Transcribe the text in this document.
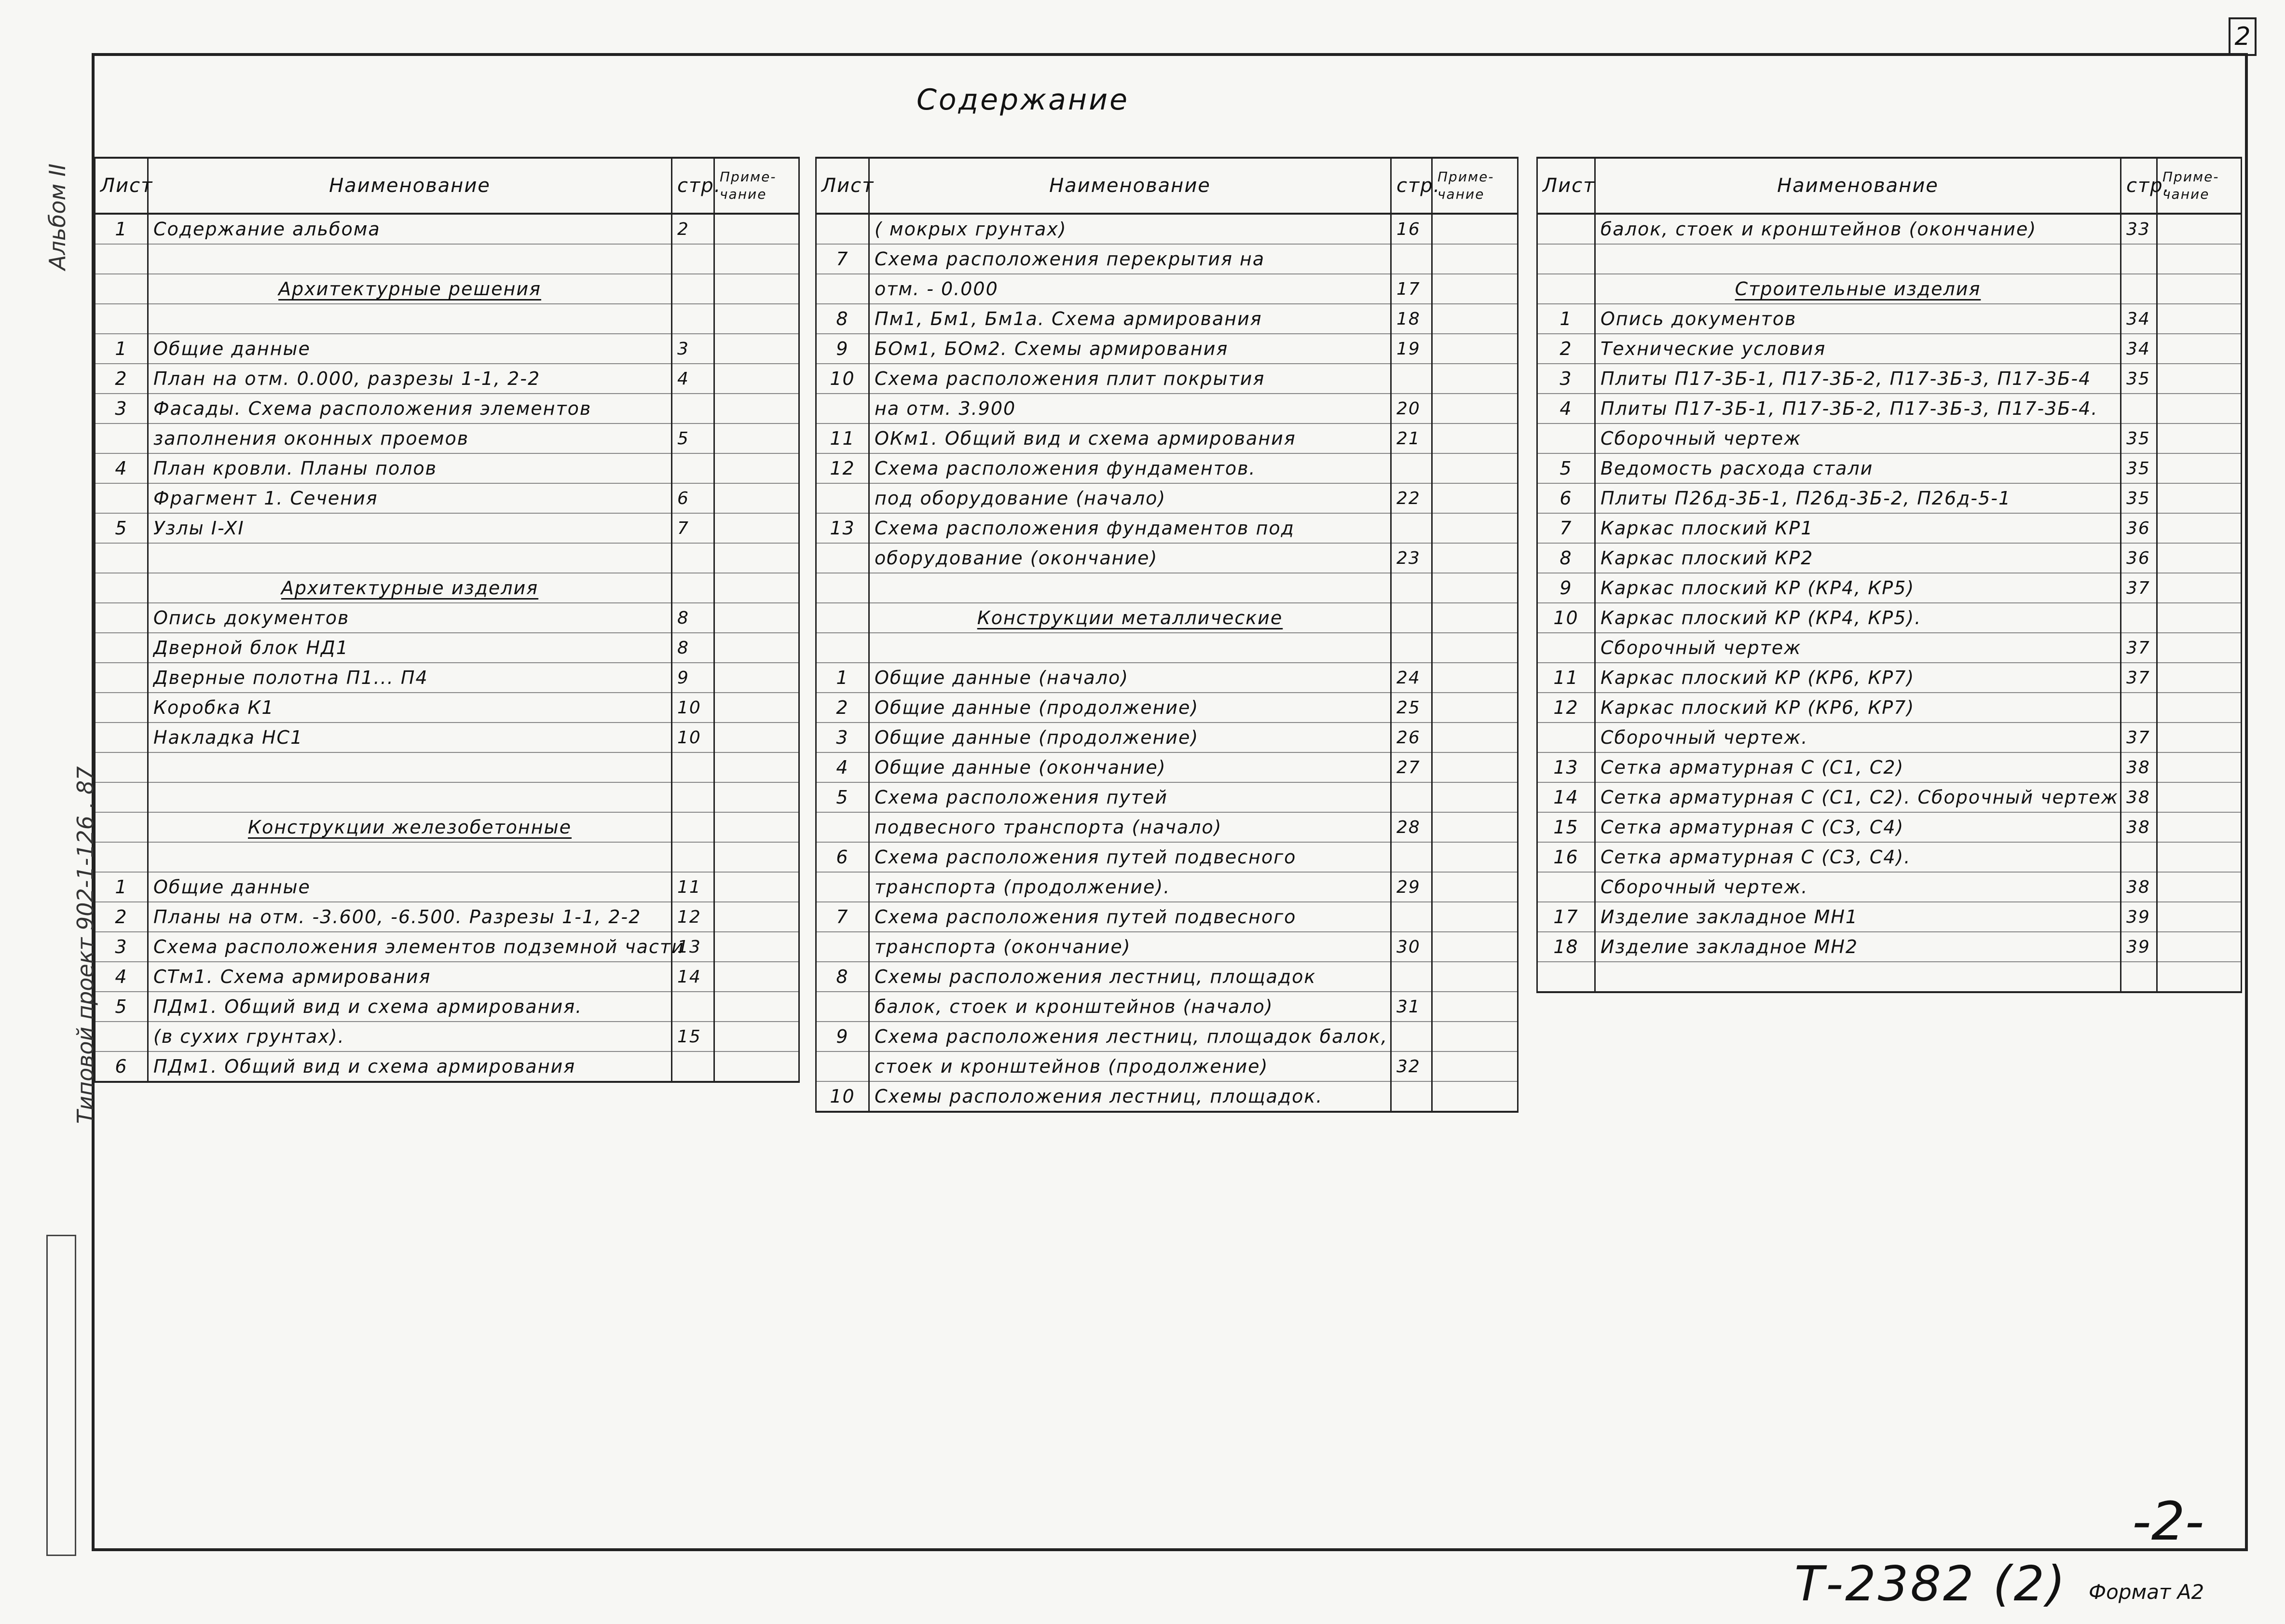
2
Содержание
Альбом II
Типовой проект 902-1-126 . 87
Лист	Наименование	стр.	Приме-
чание
1	Содержание альбома	2	

	Архитектурные решения		

1	Общие данные	3	
2	План на отм. 0.000, разрезы 1-1, 2-2	4	
3	Фасады. Схема расположения элементов		
	заполнения оконных проемов	5	
4	План кровли. Планы полов		
	Фрагмент 1. Сечения	6	
5	Узлы I-XI	7	

	Архитектурные изделия		
	Опись документов	8	
	Дверной блок НД1	8	
	Дверные полотна П1... П4	9	
	Коробка К1	10	
	Накладка НС1	10	

	Конструкции железобетонные		

1	Общие данные	11	
2	Планы на отм. -3.600, -6.500. Разрезы 1-1, 2-2	12	
3	Схема расположения элементов подземной части	13	
4	СТм1. Схема армирования	14	
5	ПДм1. Общий вид и схема армирования.		
	(в сухих грунтах).	15	
6	ПДм1. Общий вид и схема армирования		
Лист	Наименование	стр.	Приме-
чание
	( мокрых грунтах)	16	
7	Схема расположения перекрытия на		
	отм. - 0.000	17	
8	Пм1, Бм1, Бм1а. Схема армирования	18	
9	БОм1, БОм2. Схемы армирования	19	
10	Схема расположения плит покрытия		
	на отм. 3.900	20	
11	ОКм1. Общий вид и схема армирования	21	
12	Схема расположения фундаментов.		
	под оборудование (начало)	22	
13	Схема расположения фундаментов под		
	оборудование (окончание)	23	

	Конструкции металлические		

1	Общие данные (начало)	24	
2	Общие данные (продолжение)	25	
3	Общие данные (продолжение)	26	
4	Общие данные (окончание)	27	
5	Схема расположения путей		
	подвесного транспорта (начало)	28	
6	Схема расположения путей подвесного		
	транспорта (продолжение).	29	
7	Схема расположения путей подвесного		
	транспорта (окончание)	30	
8	Схемы расположения лестниц, площадок		
	балок, стоек и кронштейнов (начало)	31	
9	Схема расположения лестниц, площадок балок,		
	стоек и кронштейнов (продолжение)	32	
10	Схемы расположения лестниц, площадок.		
Лист	Наименование	стр.	Приме-
чание
	балок, стоек и кронштейнов (окончание)	33	

	Строительные изделия		
1	Опись документов	34	
2	Технические условия	34	
3	Плиты П17-3Б-1, П17-3Б-2, П17-3Б-3, П17-3Б-4	35	
4	Плиты П17-3Б-1, П17-3Б-2, П17-3Б-3, П17-3Б-4.		
	Сборочный чертеж	35	
5	Ведомость расхода стали	35	
6	Плиты П26д-3Б-1, П26д-3Б-2, П26д-5-1	35	
7	Каркас плоский КР1	36	
8	Каркас плоский КР2	36	
9	Каркас плоский КР (КР4, КР5)	37	
10	Каркас плоский КР (КР4, КР5).		
	Сборочный чертеж	37	
11	Каркас плоский КР (КР6, КР7)	37	
12	Каркас плоский КР (КР6, КР7)		
	Сборочный чертеж.	37	
13	Сетка арматурная С (С1, С2)	38	
14	Сетка арматурная С (С1, С2). Сборочный чертеж	38	
15	Сетка арматурная С (С3, С4)	38	
16	Сетка арматурная С (С3, С4).		
	Сборочный чертеж.	38	
17	Изделие закладное МН1	39	
18	Изделие закладное МН2	39	

-2-
Т-2382 (2) Формат А2
